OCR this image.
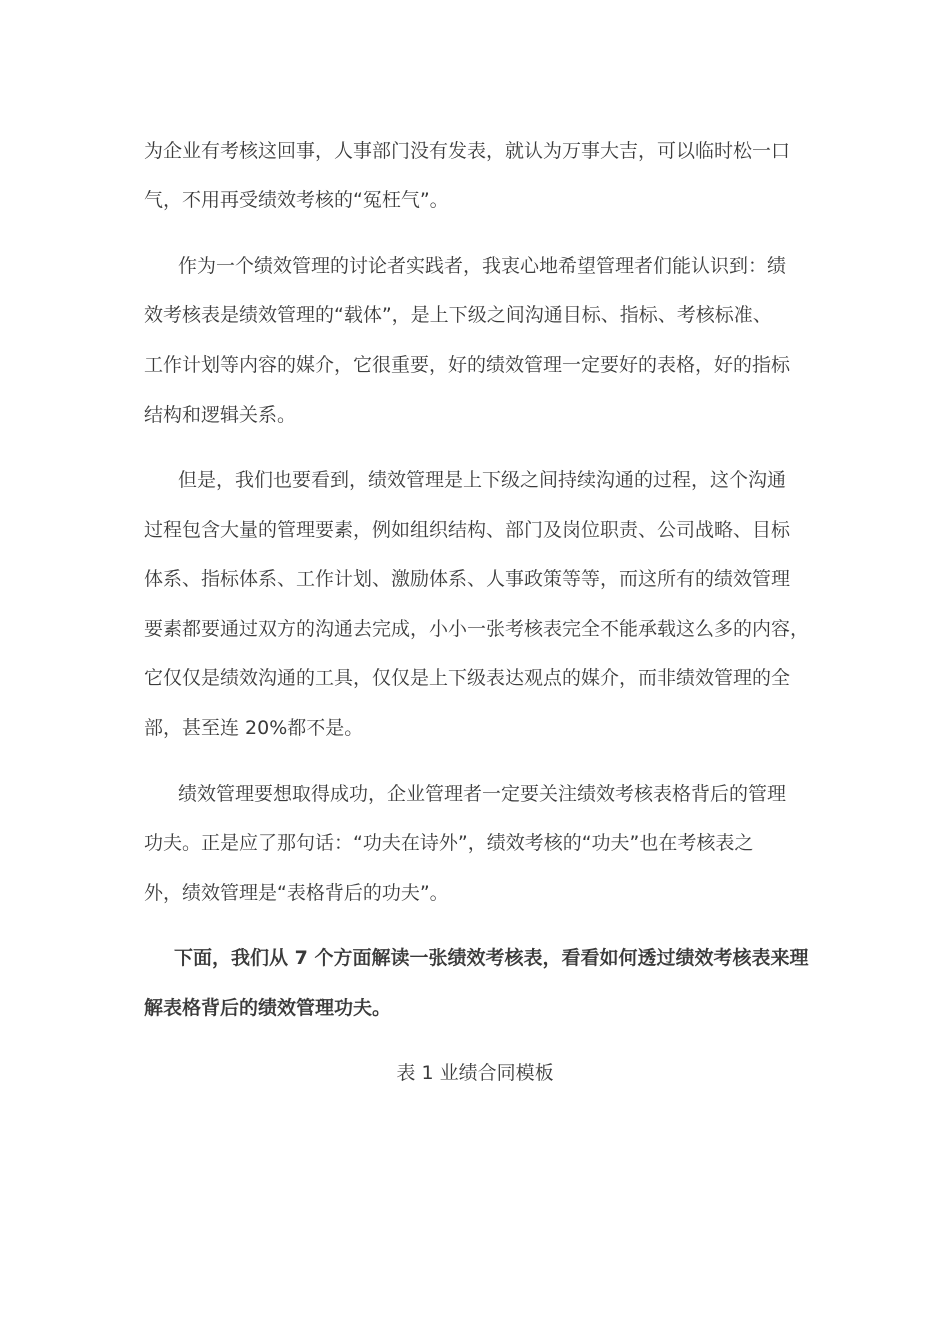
为企业有考核这回事，人事部门没有发表，就认为万事大吉，可以临时松一口
气，不用再受绩效考核的“冤枉气”。
作为一个绩效管理的讨论者实践者，我衷心地希望管理者们能认识到：绩
效考核表是绩效管理的“载体”，是上下级之间沟通目标、指标、考核标准、
工作计划等内容的媒介，它很重要，好的绩效管理一定要好的表格，好的指标
结构和逻辑关系。
但是，我们也要看到，绩效管理是上下级之间持续沟通的过程，这个沟通
过程包含大量的管理要素，例如组织结构、部门及岗位职责、公司战略、目标
体系、指标体系、工作计划、激励体系、人事政策等等，而这所有的绩效管理
要素都要通过双方的沟通去完成，小小一张考核表完全不能承载这么多的内容，
它仅仅是绩效沟通的工具，仅仅是上下级表达观点的媒介，而非绩效管理的全
部，甚至连 20%都不是。
绩效管理要想取得成功，企业管理者一定要关注绩效考核表格背后的管理
功夫。正是应了那句话：“功夫在诗外”，绩效考核的“功夫”也在考核表之
外，绩效管理是“表格背后的功夫”。
下面，我们从 7 个方面解读一张绩效考核表，看看如何透过绩效考核表来理
解表格背后的绩效管理功夫。
表 1 业绩合同模板
